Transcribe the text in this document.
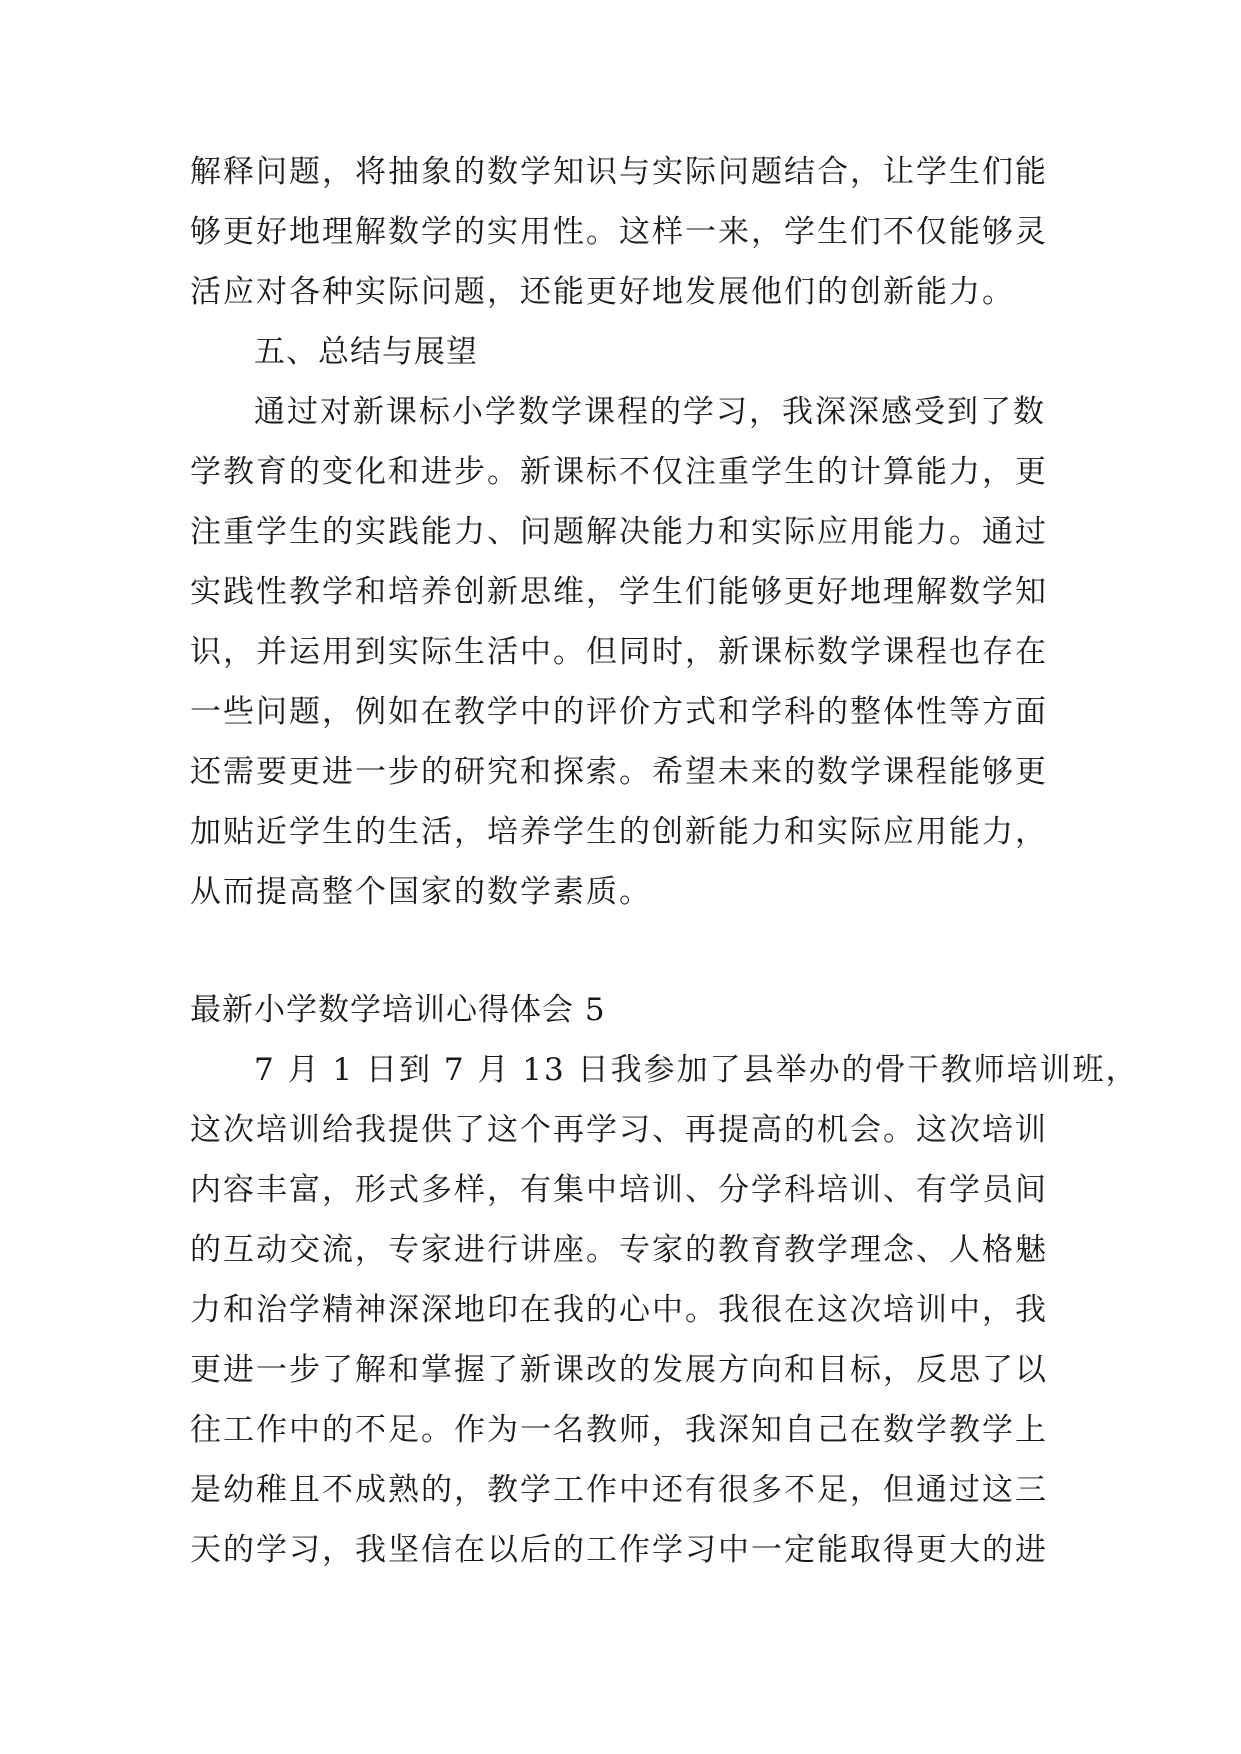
解释问题，将抽象的数学知识与实际问题结合，让学生们能
够更好地理解数学的实用性。这样一来，学生们不仅能够灵
活应对各种实际问题，还能更好地发展他们的创新能力。
五、总结与展望
通过对新课标小学数学课程的学习，我深深感受到了数
学教育的变化和进步。新课标不仅注重学生的计算能力，更
注重学生的实践能力、问题解决能力和实际应用能力。通过
实践性教学和培养创新思维，学生们能够更好地理解数学知
识，并运用到实际生活中。但同时，新课标数学课程也存在
一些问题，例如在教学中的评价方式和学科的整体性等方面
还需要更进一步的研究和探索。希望未来的数学课程能够更
加贴近学生的生活，培养学生的创新能力和实际应用能力，
从而提高整个国家的数学素质。
最新小学数学培训心得体会 5
7 月 1 日到 7 月 13 日我参加了县举办的骨干教师培训班，
这次培训给我提供了这个再学习、再提高的机会。这次培训
内容丰富，形式多样，有集中培训、分学科培训、有学员间
的互动交流，专家进行讲座。专家的教育教学理念、人格魅
力和治学精神深深地印在我的心中。我很在这次培训中，我
更进一步了解和掌握了新课改的发展方向和目标，反思了以
往工作中的不足。作为一名教师，我深知自己在数学教学上
是幼稚且不成熟的，教学工作中还有很多不足，但通过这三
天的学习，我坚信在以后的工作学习中一定能取得更大的进
